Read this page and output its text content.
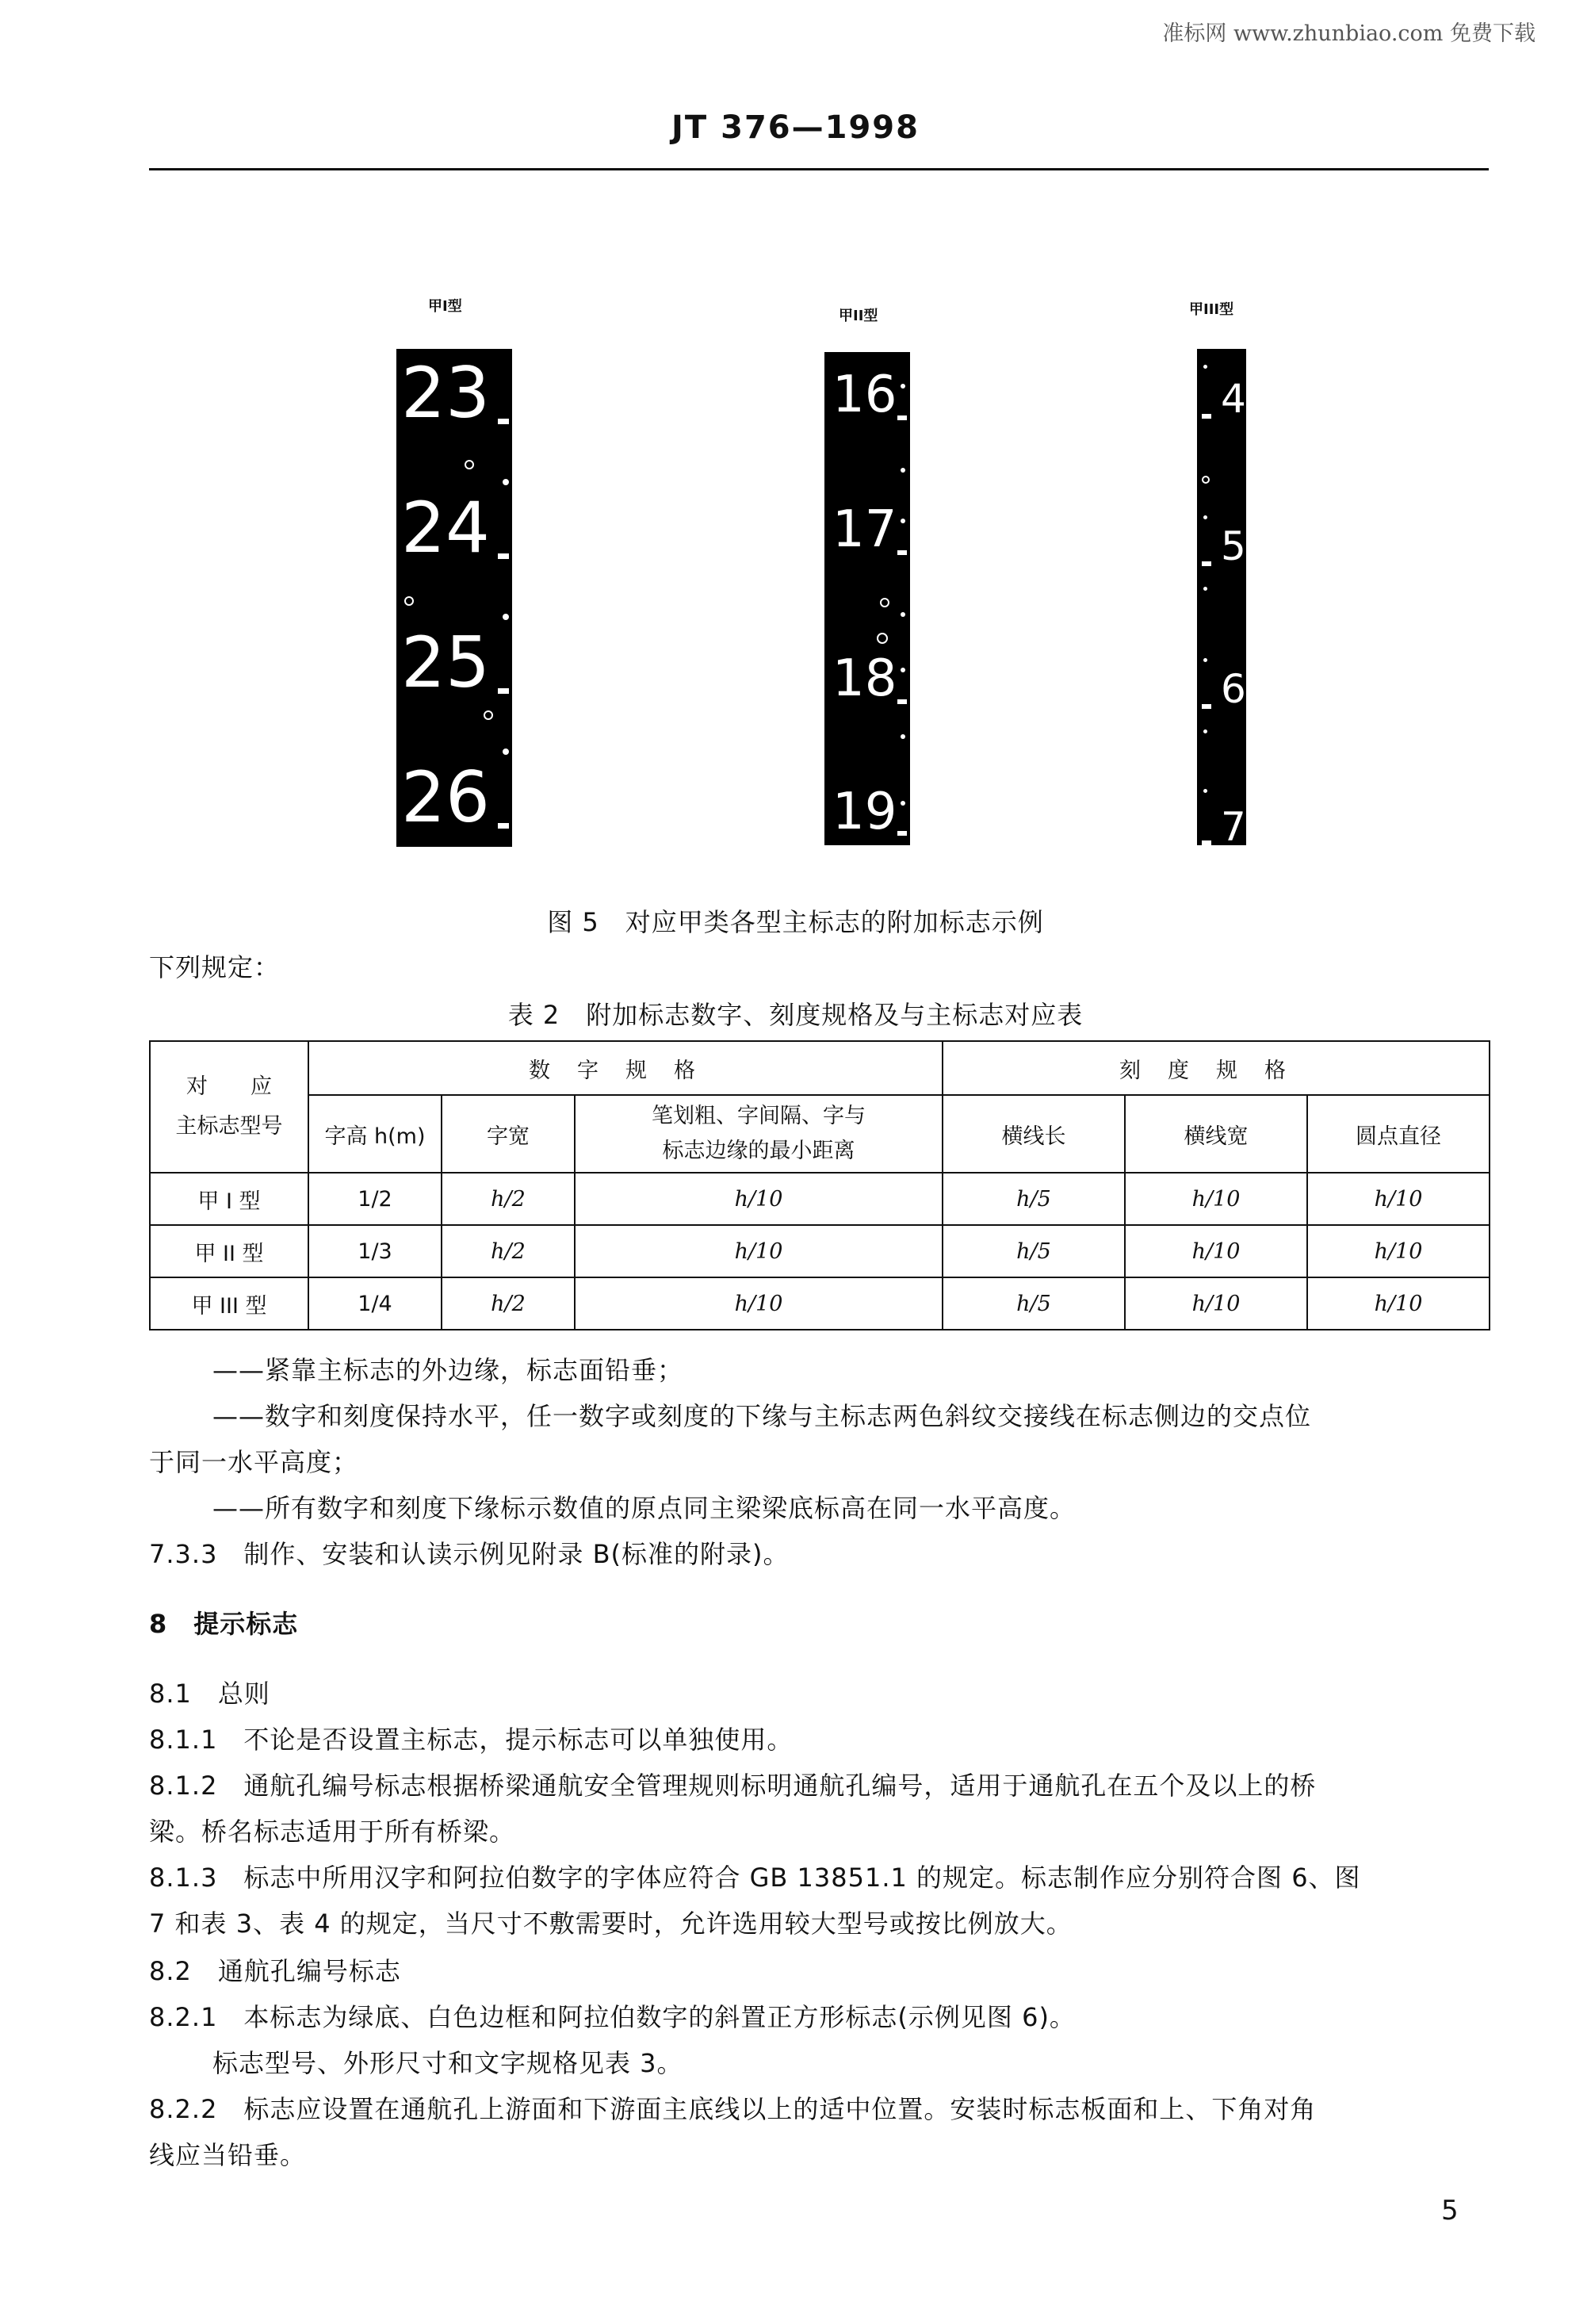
准标网 www.zhunbiao.com 免费下载
JT 376—1998
甲I型
23
24
25
26
甲II型
16
17
18
19
甲III型
4
5
6
7
图 5　对应甲类各型主标志的附加标志示例
下列规定：
表 2　附加标志数字、刻度规格及与主标志对应表
对　　应
主标志型号	数字规格			刻度规格		
	字高 h(m)	字宽	笔划粗、字间隔、字与
标志边缘的最小距离	横线长	横线宽	圆点直径
甲 I 型	1/2	h/2	h/10	h/5	h/10	h/10
甲 II 型	1/3	h/2	h/10	h/5	h/10	h/10
甲 III 型	1/4	h/2	h/10	h/5	h/10	h/10
——紧靠主标志的外边缘，标志面铅垂；
——数字和刻度保持水平，任一数字或刻度的下缘与主标志两色斜纹交接线在标志侧边的交点位
于同一水平高度；
——所有数字和刻度下缘标示数值的原点同主梁梁底标高在同一水平高度。
7.3.3　制作、安装和认读示例见附录 B(标准的附录)。
8　提示标志
8.1　总则
8.1.1　不论是否设置主标志，提示标志可以单独使用。
8.1.2　通航孔编号标志根据桥梁通航安全管理规则标明通航孔编号，适用于通航孔在五个及以上的桥
梁。桥名标志适用于所有桥梁。
8.1.3　标志中所用汉字和阿拉伯数字的字体应符合 GB 13851.1 的规定。标志制作应分别符合图 6、图
7 和表 3、表 4 的规定，当尺寸不敷需要时，允许选用较大型号或按比例放大。
8.2　通航孔编号标志
8.2.1　本标志为绿底、白色边框和阿拉伯数字的斜置正方形标志(示例见图 6)。
标志型号、外形尺寸和文字规格见表 3。
8.2.2　标志应设置在通航孔上游面和下游面主底线以上的适中位置。安装时标志板面和上、下角对角
线应当铅垂。
5
